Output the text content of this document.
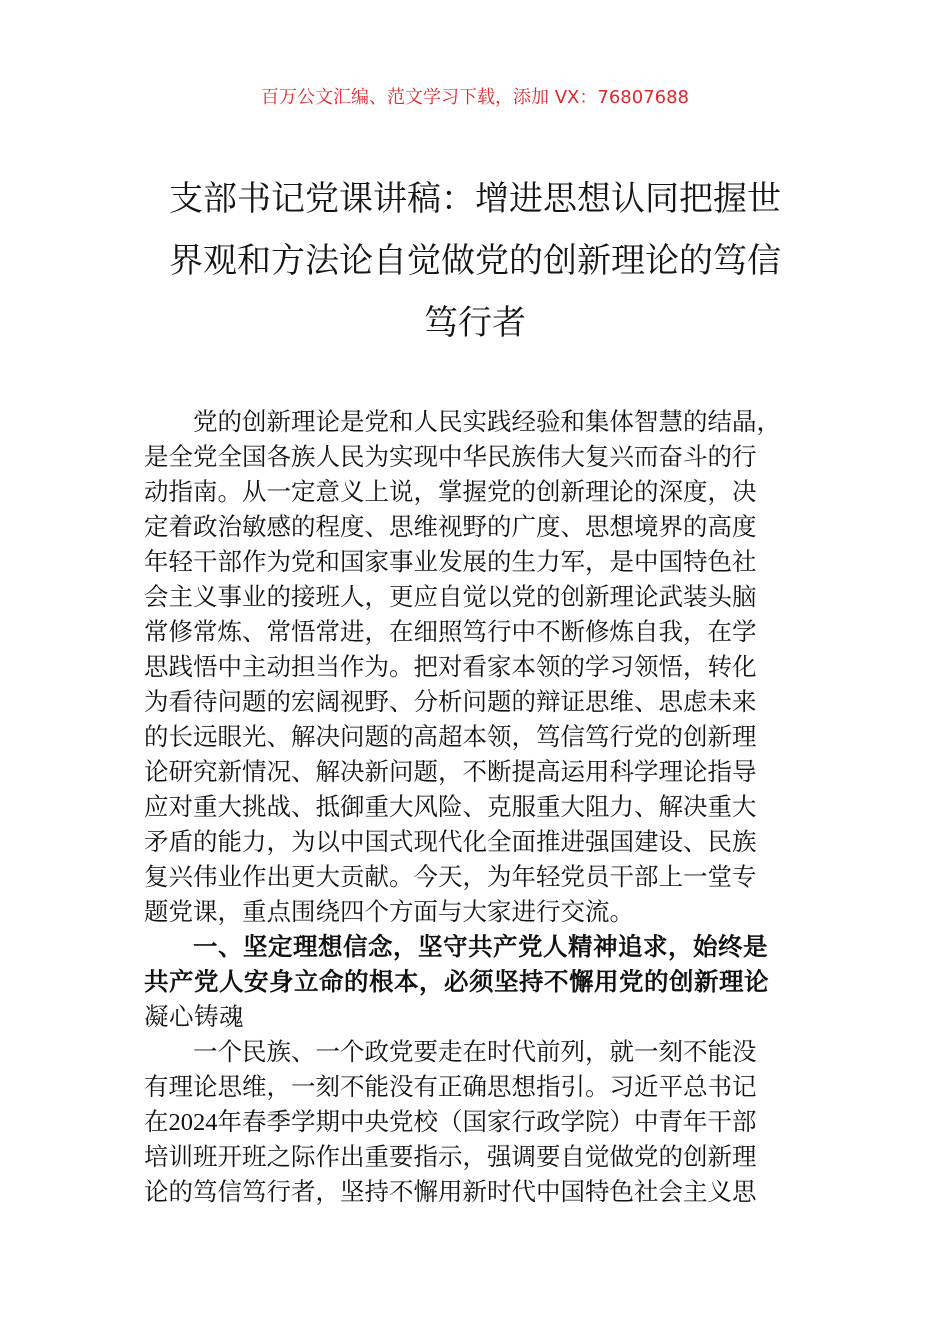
百万公文汇编、范文学习下载，添加 VX：76807688
支部书记党课讲稿：增进思想认同把握世
界观和方法论自觉做党的创新理论的笃信
笃行者
党的创新理论是党和人民实践经验和集体智慧的结晶，
是全党全国各族人民为实现中华民族伟大复兴而奋斗的行
动指南。从一定意义上说，掌握党的创新理论的深度，决
定着政治敏感的程度、思维视野的广度、思想境界的高度
年轻干部作为党和国家事业发展的生力军，是中国特色社
会主义事业的接班人，更应自觉以党的创新理论武装头脑
常修常炼、常悟常进，在细照笃行中不断修炼自我，在学
思践悟中主动担当作为。把对看家本领的学习领悟，转化
为看待问题的宏阔视野、分析问题的辩证思维、思虑未来
的长远眼光、解决问题的高超本领，笃信笃行党的创新理
论研究新情况、解决新问题，不断提高运用科学理论指导
应对重大挑战、抵御重大风险、克服重大阻力、解决重大
矛盾的能力，为以中国式现代化全面推进强国建设、民族
复兴伟业作出更大贡献。今天，为年轻党员干部上一堂专
题党课，重点围绕四个方面与大家进行交流。
一、坚定理想信念，坚守共产党人精神追求，始终是
共产党人安身立命的根本，必须坚持不懈用党的创新理论
凝心铸魂
一个民族、一个政党要走在时代前列，就一刻不能没
有理论思维，一刻不能没有正确思想指引。习近平总书记
在2024年春季学期中央党校（国家行政学院）中青年干部
培训班开班之际作出重要指示，强调要自觉做党的创新理
论的笃信笃行者，坚持不懈用新时代中国特色社会主义思
